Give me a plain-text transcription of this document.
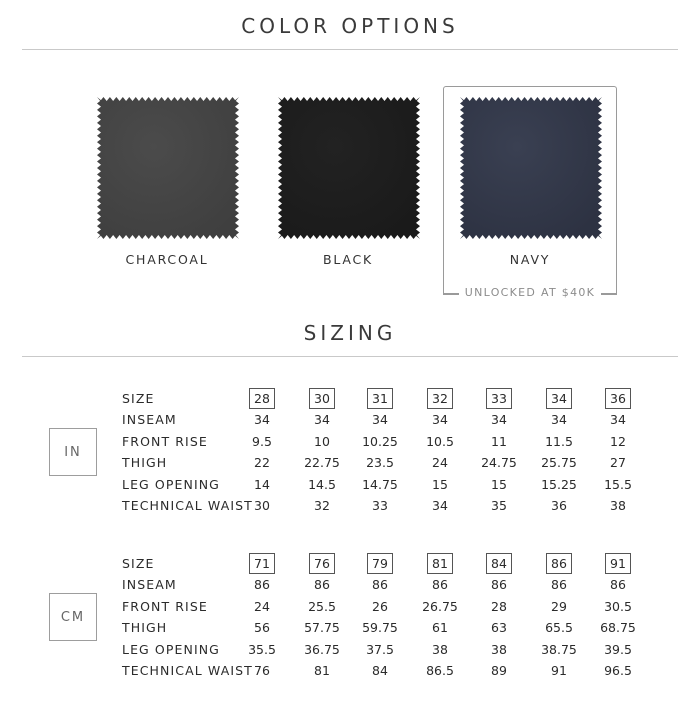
COLOR OPTIONS
CHARCOAL	BLACK	NAVY
UNLOCKED AT $40K
SIZING
IN
CM
SIZE	28	30	31	32	33	34	36
INSEAM	34	34	34	34	34	34	34
FRONT RISE	9.5	10	10.25	10.5	11	11.5	12
THIGH	22	22.75	23.5	24	24.75	25.75	27
LEG OPENING	14	14.5	14.75	15	15	15.25	15.5
TECHNICAL WAIST 30	32	33	34	35	36	38
SIZE	71	76	79	81	84	86	91
INSEAM	86	86	86	86	86	86	86
FRONT RISE	24	25.5	26	26.75	28	29	30.5
THIGH	56	57.75	59.75	61	63	65.5	68.75
LEG OPENING	35.5	36.75	37.5	38	38	38.75	39.5
TECHNICAL WAIST 76	81	84	86.5	89	91	96.5
